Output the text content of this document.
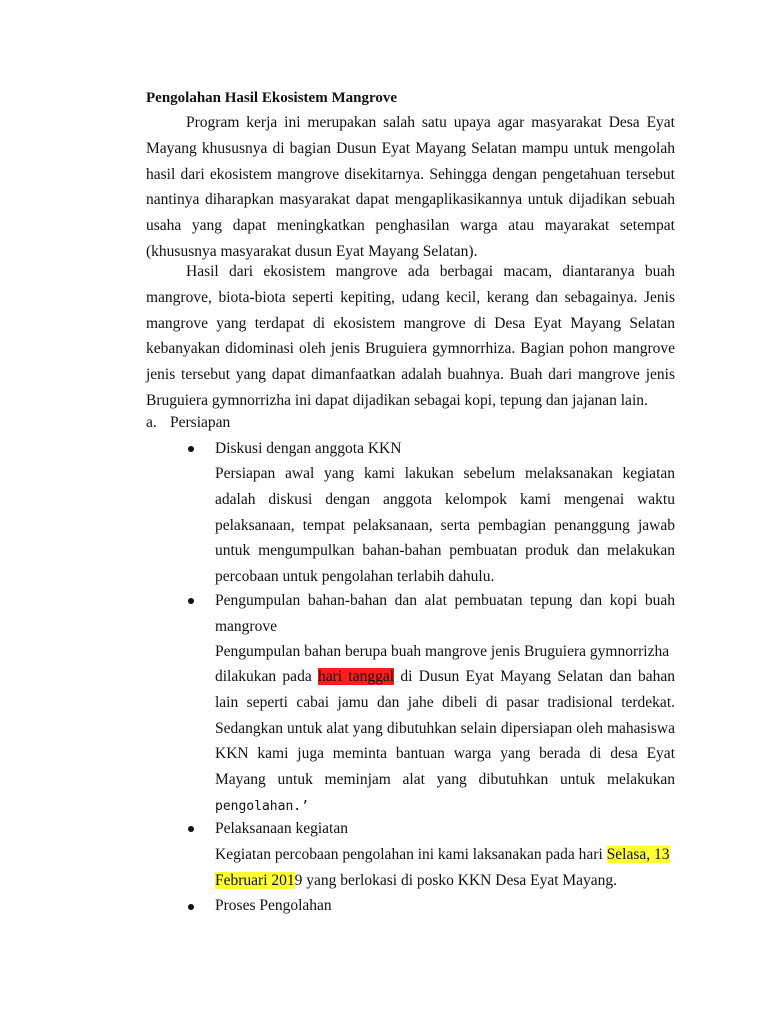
Pengolahan Hasil Ekosistem Mangrove

Program kerja ini merupakan salah satu upaya agar masyarakat Desa Eyat Mayang khususnya di bagian Dusun Eyat Mayang Selatan mampu untuk mengolah hasil dari ekosistem mangrove disekitarnya. Sehingga dengan pengetahuan tersebut nantinya diharapkan masyarakat dapat mengaplikasikannya untuk dijadikan sebuah usaha yang dapat meningkatkan penghasilan warga atau mayarakat setempat (khususnya masyarakat dusun Eyat Mayang Selatan).

Hasil dari ekosistem mangrove ada berbagai macam, diantaranya buah mangrove, biota-biota seperti kepiting, udang kecil, kerang dan sebagainya. Jenis mangrove yang terdapat di ekosistem mangrove di Desa Eyat Mayang Selatan kebanyakan didominasi oleh jenis Bruguiera gymnorrhiza. Bagian pohon mangrove jenis tersebut yang dapat dimanfaatkan adalah buahnya. Buah dari mangrove jenis Bruguiera gymnorrizha ini dapat dijadikan sebagai kopi, tepung dan jajanan lain.

a. Persiapan

Diskusi dengan anggota KKN

Persiapan awal yang kami lakukan sebelum melaksanakan kegiatan adalah diskusi dengan anggota kelompok kami mengenai waktu pelaksanaan, tempat pelaksanaan, serta pembagian penanggung jawab untuk mengumpulkan bahan-bahan pembuatan produk dan melakukan percobaan untuk pengolahan terlabih dahulu.

Pengumpulan bahan-bahan dan alat pembuatan tepung dan kopi buah mangrove

Pengumpulan bahan berupa buah mangrove jenis Bruguiera gymnorrizha

dilakukan pada hari tanggal di Dusun Eyat Mayang Selatan dan bahan lain seperti cabai jamu dan jahe dibeli di pasar tradisional terdekat. Sedangkan untuk alat yang dibutuhkan selain dipersiapan oleh mahasiswa KKN kami juga meminta bantuan warga yang berada di desa Eyat Mayang untuk meminjam alat yang dibutuhkan untuk melakukan pengolahan.’

Pelaksanaan kegiatan

Kegiatan percobaan pengolahan ini kami laksanakan pada hari Selasa, 13
Februari 2019 yang berlokasi di posko KKN Desa Eyat Mayang.

Proses Pengolahan
